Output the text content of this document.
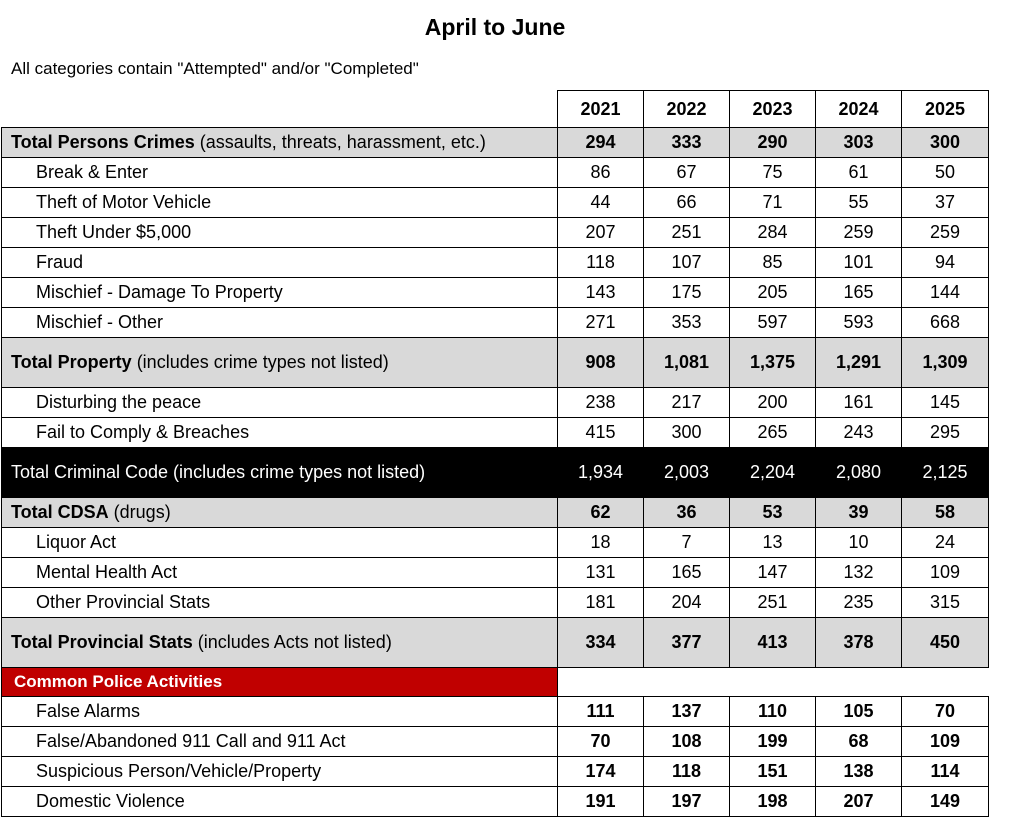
April to June
All categories contain "Attempted" and/or "Completed"
	2021	2022	2023	2024	2025
Total Persons Crimes (assaults, threats, harassment, etc.)	294	333	290	303	300
Break & Enter	86	67	75	61	50
Theft of Motor Vehicle	44	66	71	55	37
Theft Under $5,000	207	251	284	259	259
Fraud	118	107	85	101	94
Mischief - Damage To Property	143	175	205	165	144
Mischief - Other	271	353	597	593	668
Total Property (includes crime types not listed)	908	1,081	1,375	1,291	1,309
Disturbing the peace	238	217	200	161	145
Fail to Comply & Breaches	415	300	265	243	295
Total Criminal Code (includes crime types not listed)	1,934	2,003	2,204	2,080	2,125
Total CDSA (drugs)	62	36	53	39	58
Liquor Act	18	7	13	10	24
Mental Health Act	131	165	147	132	109
Other Provincial Stats	181	204	251	235	315
Total Provincial Stats (includes Acts not listed)	334	377	413	378	450
Common Police Activities					
False Alarms	111	137	110	105	70
False/Abandoned 911 Call and 911 Act	70	108	199	68	109
Suspicious Person/Vehicle/Property	174	118	151	138	114
Domestic Violence	191	197	198	207	149
